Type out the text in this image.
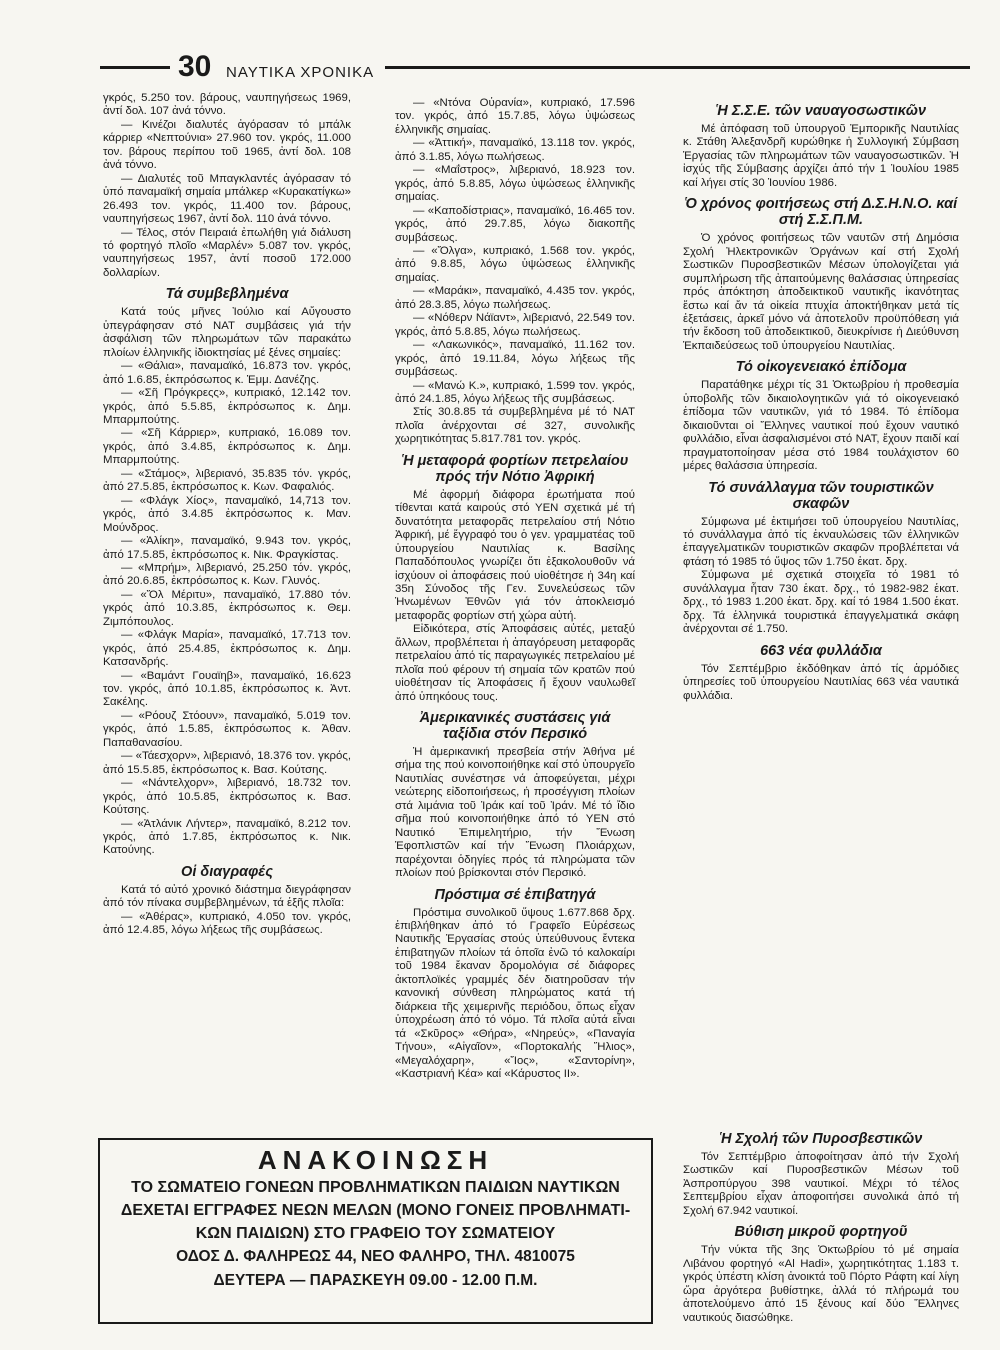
30 ΝΑΥΤΙΚΑ ΧΡΟΝΙΚΑ

γκρός, 5.250 τον. βάρους, ναυπηγήσεως 1969, ἀντί δολ. 107 ἀνά τόννο.

— Κινέζοι διαλυτές ἀγόρασαν τό μπάλκ κάρριερ «Νεπτούνια» 27.960 τον. γκρός, 11.000 τον. βάρους περίπου τοῦ 1965, ἀντί δολ. 108 ἀνά τόννο.

— Διαλυτές τοῦ Μπαγκλαντές ἀγόρασαν τό ὑπό παναμαϊκή σημαία μπάλκερ «Κυρακατίγκω» 26.493 τον. γκρός, 11.400 τον. βάρους, ναυπηγήσεως 1967, ἀντί δολ. 110 ἀνά τόννο.

— Τέλος, στόν Πειραιά ἐπωλήθη γιά διάλυση τό φορτηγό πλοῖο «Μαρλέν» 5.087 τον. γκρός, ναυπηγήσεως 1957, ἀντί ποσοῦ 172.000 δολλαρίων.

Τά συμβεβλημένα

Κατά τούς μῆνες Ἰούλιο καί Αὔγουστο ὑπεγράφησαν στό ΝΑΤ συμβάσεις γιά τήν ἀσφάλιση τῶν πληρωμάτων τῶν παρακάτω πλοίων ἑλληνικῆς ἰδιοκτησίας μέ ξένες σημαίες:

— «Θάλια», παναμαϊκό, 16.873 τον. γκρός, ἀπό 1.6.85, ἐκπρόσωπος κ. Ἐμμ. Δανέζης.

— «Σῆ Πρόγκρεςς», κυπριακό, 12.142 τον. γκρός, ἀπό 5.5.85, ἐκπρόσωπος κ. Δημ. Μπαρμπούτης.

— «Σῆ Κάρριερ», κυπριακό, 16.089 τον. γκρός, ἀπό 3.4.85, ἐκπρόσωπος κ. Δημ. Μπαρμπούτης.

— «Στάμος», λιβεριανό, 35.835 τόν. γκρός, ἀπό 27.5.85, ἐκπρόσωπος κ. Κων. Φαφαλιός.

— «Φλάγκ Χίος», παναμαϊκό, 14,713 τον. γκρός, ἀπό 3.4.85 ἐκπρόσωπος κ. Μαν. Μούνδρος.

— «Ἀλίκη», παναμαϊκό, 9.943 τον. γκρός, ἀπό 17.5.85, ἐκπρόσωπος κ. Νικ. Φραγκίστας.

— «Μπρήμ», λιβεριανό, 25.250 τόν. γκρός, ἀπό 20.6.85, ἐκπρόσωπος κ. Κων. Γλυνός.

— «Ὅλ Μέριτυ», παναμαϊκό, 17.880 τόν. γκρός ἀπό 10.3.85, ἐκπρόσωπος κ. Θεμ. Ζιμπόπουλος.

— «Φλάγκ Μαρία», παναμαϊκό, 17.713 τον. γκρός, ἀπό 25.4.85, ἐκπρόσωπος κ. Δημ. Κατσανδρής.

— «Βαμάντ Γουαϊηβ», παναμαϊκό, 16.623 τον. γκρός, ἀπό 10.1.85, ἐκπρόσωπος κ. Ἀντ. Σακέλης.

— «Ρόουζ Στόουν», παναμαϊκό, 5.019 τον. γκρός, ἀπό 1.5.85, ἐκπρόσωπος κ. Ἀθαν. Παπαθανασίου.

— «Τάεσχορν», λιβεριανό, 18.376 τον. γκρός, ἀπό 15.5.85, ἐκπρόσωπος κ. Βασ. Κούτσης.

— «Νάντελχορν», λιβεριανό, 18.732 τον. γκρός, ἀπό 10.5.85, ἐκπρόσωπος κ. Βασ. Κούτσης.

— «Ἀτλάνικ Λήντερ», παναμαϊκό, 8.212 τον. γκρός, ἀπό 1.7.85, ἐκπρόσωπος κ. Νικ. Κατούνης.

Οἱ διαγραφές

Κατά τό αὐτό χρονικό διάστημα διεγράφησαν ἀπό τόν πίνακα συμβεβλημένων, τά ἑξῆς πλοῖα:

— «Ἀθέρας», κυπριακό, 4.050 τον. γκρός, ἀπό 12.4.85, λόγω λήξεως τῆς συμβάσεως.

— «Ντόνα Οὐρανία», κυπριακό, 17.596 τον. γκρός, ἀπό 15.7.85, λόγω ὑψώσεως ἑλληνικῆς σημαίας.

— «Ἀττική», παναμαϊκό, 13.118 τον. γκρός, ἀπό 3.1.85, λόγω πωλήσεως.

— «Μαΐστρος», λιβεριανό, 18.923 τον. γκρός, ἀπό 5.8.85, λόγω ὑψώσεως ἑλληνικῆς σημαίας.

— «Καποδίστριας», παναμαϊκό, 16.465 τον. γκρός, ἀπό 29.7.85, λόγω διακοπῆς συμβάσεως.

— «Ὄλγα», κυπριακό, 1.568 τον. γκρός, ἀπό 9.8.85, λόγω ὑψώσεως ἑλληνικῆς σημαίας.

— «Μαράκι», παναμαϊκό, 4.435 τον. γκρός, ἀπό 28.3.85, λόγω πωλήσεως.

— «Νόθερν Νάϊαντ», λιβεριανό, 22.549 τον. γκρός, ἀπό 5.8.85, λόγω πωλήσεως.

— «Λακωνικός», παναμαϊκό, 11.162 τον. γκρός, ἀπό 19.11.84, λόγω λήξεως τῆς συμβάσεως.

— «Μανώ Κ.», κυπριακό, 1.599 τον. γκρός, ἀπό 24.1.85, λόγω λήξεως τῆς συμβάσεως.

Στίς 30.8.85 τά συμβεβλημένα μέ τό ΝΑΤ πλοῖα ἀνέρχονται σέ 327, συνολικῆς χωρητικότητας 5.817.781 τον. γκρός.

Ἡ μεταφορά φορτίων πετρελαίου πρός τήν Νότιο Ἀφρική

Μέ ἀφορμή διάφορα ἐρωτήματα πού τίθενται κατά καιρούς στό ΥΕΝ σχετικά μέ τή δυνατότητα μεταφορᾶς πετρελαίου στή Νότιο Ἀφρική, μέ ἔγγραφό του ὁ γεν. γραμματέας τοῦ ὑπουργείου Ναυτιλίας κ. Βασίλης Παπαδόπουλος γνωρίζει ὅτι ἐξακολουθοῦν νά ἰσχύουν οἱ ἀποφάσεις πού υἱοθέτησε ἡ 34η καί 35η Σύνοδος τῆς Γεν. Συνελεύσεως τῶν Ἡνωμένων Ἐθνῶν γιά τόν ἀποκλεισμό μεταφορᾶς φορτίων στή χώρα αὐτή.

Εἰδικότερα, στίς Ἀποφάσεις αὐτές, μεταξύ ἄλλων, προβλέπεται ἡ ἀπαγόρευση μεταφορᾶς πετρελαίου ἀπό τίς παραγωγικές πετρελαίου μέ πλοῖα πού φέρουν τή σημαία τῶν κρατῶν πού υἱοθέτησαν τίς Ἀποφάσεις ἤ ἔχουν ναυλωθεῖ ἀπό ὑπηκόους τους.

Ἀμερικανικές συστάσεις γιά ταξίδια στόν Περσικό

Ἡ ἀμερικανική πρεσβεία στήν Ἀθήνα μέ σήμα της πού κοινοποιήθηκε καί στό ὑπουργεῖο Ναυτιλίας συνέστησε νά ἀποφεύγεται, μέχρι νεώτερης εἰδοποιήσεως, ἡ προσέγγιση πλοίων στά λιμάνια τοῦ Ἰράκ καί τοῦ Ἰράν. Μέ τό ἴδιο σῆμα πού κοινοποιήθηκε ἀπό τό ΥΕΝ στό Ναυτικό Ἐπιμελητήριο, τήν Ἕνωση Ἐφοπλιστῶν καί τήν Ἕνωση Πλοιάρχων, παρέχονται ὁδηγίες πρός τά πληρώματα τῶν πλοίων πού βρίσκονται στόν Περσικό.

Πρόστιμα σέ ἐπιβατηγά

Πρόστιμα συνολικοῦ ὕψους 1.677.868 δρχ. ἐπιβλήθηκαν ἀπό τό Γραφεῖο Εὑρέσεως Ναυτικῆς Ἐργασίας στούς ὑπεύθυνους ἔντεκα ἐπιβατηγῶν πλοίων τά ὁποῖα ἐνῶ τό καλοκαίρι τοῦ 1984 ἔκαναν δρομολόγια σέ διάφορες ἀκτοπλοϊκές γραμμές δέν διατηροῦσαν τήν κανονική σύνθεση πληρώματος κατά τή διάρκεια τῆς χειμερινῆς περιόδου, ὅπως εἶχαν ὑποχρέωση ἀπό τό νόμο. Τά πλοῖα αὐτά εἶναι τά «Σκῦρος» «Θήρα», «Νηρεύς», «Παναγία Τήνου», «Αἰγαῖον», «Πορτοκαλής Ἥλιος», «Μεγαλόχαρη», «Ἴος», «Σαντορίνη», «Καστριανή Κέα» καί «Κάρυστος ΙΙ».

Ἡ Σ.Σ.Ε. τῶν ναυαγοσωστικῶν

Μέ ἀπόφαση τοῦ ὑπουργοῦ Ἐμπορικῆς Ναυτιλίας κ. Στάθη Ἀλεξανδρῆ κυρώθηκε ἡ Συλλογική Σύμβαση Ἐργασίας τῶν πληρωμάτων τῶν ναυαγοσωστικῶν. Ἡ ἰσχύς τῆς Σύμβασης ἀρχίζει ἀπό τήν 1 Ἰουλίου 1985 καί λήγει στίς 30 Ἰουνίου 1986.

Ὁ χρόνος φοιτήσεως στή Δ.Σ.Η.Ν.Ο. καί στή Σ.Σ.Π.Μ.

Ὁ χρόνος φοιτήσεως τῶν ναυτῶν στή Δημόσια Σχολή Ἠλεκτρονικῶν Ὀργάνων καί στή Σχολή Σωστικῶν Πυροσβεστικῶν Μέσων ὑπολογίζεται γιά συμπλήρωση τῆς ἀπαιτούμενης θαλάσσιας ὑπηρεσίας πρός ἀπόκτηση ἀποδεικτικοῦ ναυτικῆς ἱκανότητας ἔστω καί ἄν τά οἰκεία πτυχία ἀποκτήθηκαν μετά τίς ἐξετάσεις, ἀρκεῖ μόνο νά ἀποτελοῦν προϋπόθεση γιά τήν ἔκδοση τοῦ ἀποδεικτικοῦ, διευκρίνισε ἡ Διεύθυνση Ἐκπαιδεύσεως τοῦ ὑπουργείου Ναυτιλίας.

Τό οἰκογενειακό ἐπίδομα

Παρατάθηκε μέχρι τίς 31 Ὀκτωβρίου ἡ προθεσμία ὑποβολῆς τῶν δικαιολογητικῶν γιά τό οἰκογενειακό ἐπίδομα τῶν ναυτικῶν, γιά τό 1984. Τό ἐπίδομα δικαιοῦνται οἱ Ἕλληνες ναυτικοί πού ἔχουν ναυτικό φυλλάδιο, εἶναι ἀσφαλισμένοι στό ΝΑΤ, ἔχουν παιδί καί πραγματοποίησαν μέσα στό 1984 τουλάχιστον 60 μέρες θαλάσσια ὑπηρεσία.

Τό συνάλλαγμα τῶν τουριστικῶν σκαφῶν

Σύμφωνα μέ ἐκτιμήσει τοῦ ὑπουργείου Ναυτιλίας, τό συνάλλαγμα ἀπό τίς ἐκναυλώσεις τῶν ἑλληνικῶν ἐπαγγελματικῶν τουριστικῶν σκαφῶν προβλέπεται νά φτάση τό 1985 τό ὕψος τῶν 1.750 ἑκατ. δρχ.

Σύμφωνα μέ σχετικά στοιχεῖα τό 1981 τό συνάλλαγμα ἦταν 730 ἑκατ. δρχ., τό 1982-982 ἑκατ. δρχ., τό 1983 1.200 ἑκατ. δρχ. καί τό 1984 1.500 ἑκατ. δρχ. Τά ἑλληνικά τουριστικά ἐπαγγελματικά σκάφη ἀνέρχονται σέ 1.750.

663 νέα φυλλάδια

Τόν Σεπτέμβριο ἐκδόθηκαν ἀπό τίς ἁρμόδιες ὑπηρεσίες τοῦ ὑπουργείου Ναυτιλίας 663 νέα ναυτικά φυλλάδια.

Ἡ Σχολή τῶν Πυροσβεστικῶν

Τόν Σεπτέμβριο ἀποφοίτησαν ἀπό τήν Σχολή Σωστικῶν καί Πυροσβεστικῶν Μέσων τοῦ Ἀσπροπύργου 398 ναυτικοί. Μέχρι τό τέλος Σεπτεμβρίου εἶχαν ἀποφοιτήσει συνολικά ἀπό τή Σχολή 67.942 ναυτικοί.

Βύθιση μικροῦ φορτηγοῦ

Τήν νύκτα τῆς 3ης Ὀκτωβρίου τό μέ σημαία Λιβάνου φορτηγό «Al Hadi», χωρητικότητας 1.183 τ. γκρός ὑπέστη κλίση ἀνοικτά τοῦ Πόρτο Ράφτη καί λίγη ὥρα ἀργότερα βυθίστηκε, ἀλλά τό πλήρωμά του ἀποτελούμενο ἀπό 15 ξένους καί δύο Ἕλληνες ναυτικούς διασώθηκε.

ΑΝΑΚΟΙΝΩΣΗ
ΤΟ ΣΩΜΑΤΕΙΟ ΓΟΝΕΩΝ ΠΡΟΒΛΗΜΑΤΙΚΩΝ ΠΑΙΔΙΩΝ ΝΑΥΤΙΚΩΝ
ΔΕΧΕΤΑΙ ΕΓΓΡΑΦΕΣ ΝΕΩΝ ΜΕΛΩΝ (ΜΟΝΟ ΓΟΝΕΙΣ ΠΡΟΒΛΗΜΑΤΙ-
ΚΩΝ ΠΑΙΔΙΩΝ) ΣΤΟ ΓΡΑΦΕΙΟ ΤΟΥ ΣΩΜΑΤΕΙΟΥ
ΟΔΟΣ Δ. ΦΑΛΗΡΕΩΣ 44, ΝΕΟ ΦΑΛΗΡΟ, ΤΗΛ. 4810075
ΔΕΥΤΕΡΑ — ΠΑΡΑΣΚΕΥΗ 09.00 - 12.00 Π.Μ.
